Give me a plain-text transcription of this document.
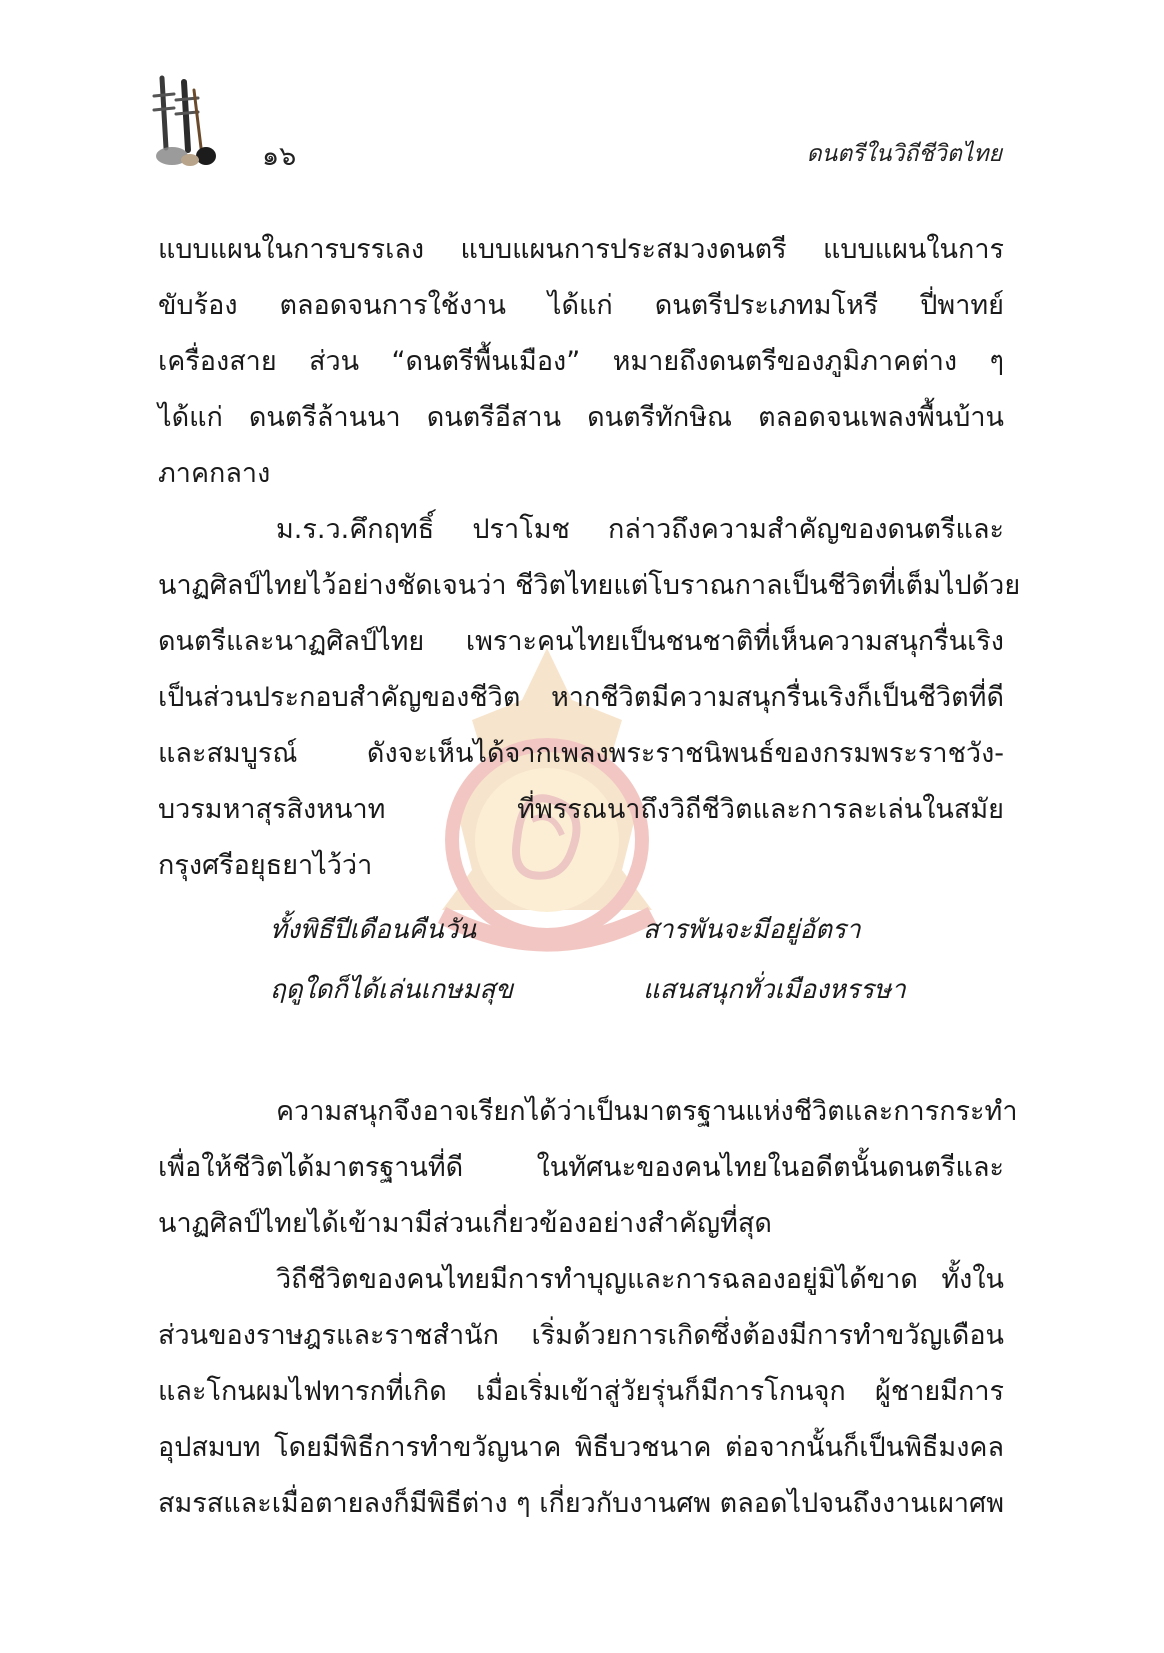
๑๖	ดนตรีในวิถีชีวิตไทย
แบบแผนในการบรรเลง แบบแผนการประสมวงดนตรี แบบแผนในการ
ขับร้อง ตลอดจนการใช้งาน ได้แก่ ดนตรีประเภทมโหรี ปี่พาทย์
เครื่องสาย ส่วน “ดนตรีพื้นเมือง” หมายถึงดนตรีของภูมิภาคต่าง ๆ
ได้แก่ ดนตรีล้านนา ดนตรีอีสาน ดนตรีทักษิณ ตลอดจนเพลงพื้นบ้าน
ภาคกลาง
ม.ร.ว.คึกฤทธิ์ ปราโมช กล่าวถึงความสำคัญของดนตรีและ
นาฏศิลป์ไทยไว้อย่างชัดเจนว่า ชีวิตไทยแต่โบราณกาลเป็นชีวิตที่เต็มไปด้วย
ดนตรีและนาฏศิลป์ไทย เพราะคนไทยเป็นชนชาติที่เห็นความสนุกรื่นเริง
เป็นส่วนประกอบสำคัญของชีวิต หากชีวิตมีความสนุกรื่นเริงก็เป็นชีวิตที่ดี
และสมบูรณ์ ดังจะเห็นได้จากเพลงพระราชนิพนธ์ของกรมพระราชวัง-
บวรมหาสุรสิงหนาท ที่พรรณนาถึงวิถีชีวิตและการละเล่นในสมัย
กรุงศรีอยุธยาไว้ว่า
ทั้งพิธีปีเดือนคืนวัน	สารพันจะมีอยู่อัตรา
ฤดูใดก็ได้เล่นเกษมสุข	แสนสนุกทั่วเมืองหรรษา
ความสนุกจึงอาจเรียกได้ว่าเป็นมาตรฐานแห่งชีวิตและการกระทำ
เพื่อให้ชีวิตได้มาตรฐานที่ดี ในทัศนะของคนไทยในอดีตนั้นดนตรีและ
นาฏศิลป์ไทยได้เข้ามามีส่วนเกี่ยวข้องอย่างสำคัญที่สุด
วิถีชีวิตของคนไทยมีการทำบุญและการฉลองอยู่มิได้ขาด ทั้งใน
ส่วนของราษฎรและราชสำนัก เริ่มด้วยการเกิดซึ่งต้องมีการทำขวัญเดือน
และโกนผมไฟทารกที่เกิด เมื่อเริ่มเข้าสู่วัยรุ่นก็มีการโกนจุก ผู้ชายมีการ
อุปสมบท โดยมีพิธีการทำขวัญนาค พิธีบวชนาค ต่อจากนั้นก็เป็นพิธีมงคล
สมรสและเมื่อตายลงก็มีพิธีต่าง ๆ เกี่ยวกับงานศพ ตลอดไปจนถึงงานเผาศพ
